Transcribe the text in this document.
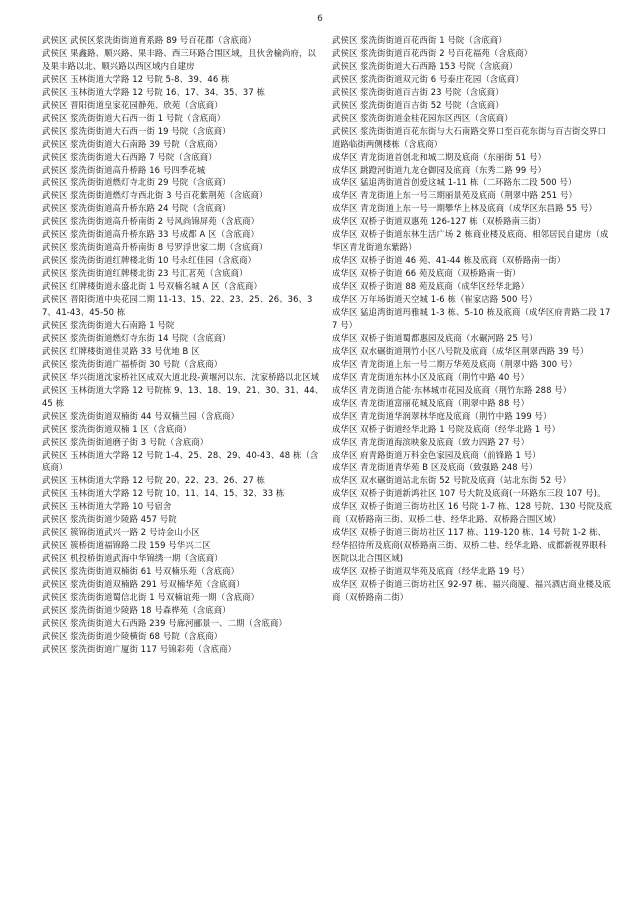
6

武侯区 武侯区浆洗街街道育系路 89 号百花郡（含底商）

武侯区 果鑫路、顺兴路、果丰路、西三环路合围区域，且伙舍榆尚府，以及果丰路以北、顺兴路以西区域内自建房

武侯区 玉林街道大学路 12 号院 5-8、39、46 栋

武侯区 玉林街道大学路 12 号院 16、17、34、35、37 栋

武侯区 晋阳街道皇家花园静苑、欣苑（含底商）

武侯区 浆洗街街道大石西一街 1 号院（含底商）

武侯区 浆洗街街道大石西一街 19 号院（含底商）

武侯区 浆洗街街道大石南路 39 号院（含底商）

武侯区 浆洗街街道大石西路 7 号院（含底商）

武侯区 浆洗街街道高升桥路 16 号四季花城

武侯区 浆洗街街道燃灯寺北街 29 号院（含底商）

武侯区 浆洗街街道燃灯寺西北街 3 号百花紫荆苑（含底商）

武侯区 浆洗街街道高升桥东路 24 号院（含底商）

武侯区 浆洗街街道高升桥南街 2 号风尚锦屏苑（含底商）

武侯区 浆洗街街道高升桥东路 33 号成都 A 区（含底商）

武侯区 浆洗街街道高升桥南街 8 号罗浮世家二期（含底商）

武侯区 浆洗街街道红牌楼北街 10 号永红佳园（含底商）

武侯区 浆洗街街道红牌楼北街 23 号汇茗苑（含底商）

武侯区 红牌楼街道永盛北街 1 号双楠名城 A 区（含底商）

武侯区 晋阳街道中央花园二期 11-13、15、22、23、25、26、36、37、41-43、45-50 栋

武侯区 浆洗街街道大石南路 1 号院

武侯区 浆洗街街道燃灯寺东街 14 号院（含底商）

武侯区 红牌楼街道佳灵路 33 号优地 B 区

武侯区 浆洗街街道广福桥街 30 号院（含底商）

武侯区 华兴街道沈家桥社区成双大道北段-黄堰河以东、沈家桥路以北区域

武侯区 玉林街道大学路 12 号院栋 9、13、18、19、21、30、31、44、45 栋

武侯区 浆洗街街道双楠街 44 号双楠兰园（含底商）

武侯区 浆洗街街道双楠 1 区（含底商）

武侯区 浆洗街街道磨子街 3 号院（含底商）

武侯区 玉林街道大学路 12 号院 1-4、25、28、29、40-43、48 栋（含底商）

武侯区 玉林街道大学路 12 号院 20、22、23、26、27 栋

武侯区 玉林街道大学路 12 号院 10、11、14、15、32、33 栋

武侯区 玉林街道大学路 10 号宿舍

武侯区 浆洗街街道少陵路 457 号院

武侯区 簇锦街道武兴一路 2 号诗金山小区

武侯区 簇桥街道福锦路二段 159 号华兴二区

武侯区 机投桥街道武海中华锦绣一期（含底商）

武侯区 浆洗街街道双楠街 61 号双楠乐苑（含底商）

武侯区 浆洗街街道双楠路 291 号双楠华苑（含底商）

武侯区 浆洗街街道蜀信北街 1 号双楠谊苑一期（含底商）

武侯区 浆洗街街道少陵路 18 号森桦苑（含底商）

武侯区 浆洗街街道大石西路 239 号廊河郦景一、二期（含底商）

武侯区 浆洗街街道少陵横街 68 号院（含底商）

武侯区 浆洗街街道广厦街 117 号锦彩苑（含底商）

武侯区 浆洗街街道百花西街 1 号院（含底商）

武侯区 浆洗街街道百花西街 2 号百花福苑（含底商）

武侯区 浆洗街街道大石西路 153 号院（含底商）

武侯区 浆洗街街道双元街 6 号泰庄花园（含底商）

武侯区 浆洗街街道百吉街 23 号院（含底商）

武侯区 浆洗街街道百吉街 52 号院（含底商）

武侯区 浆洗街街道金桂花园东区西区（含底商）

武侯区 浆洗街街道百花东街与大石南路交界口至百花东街与百吉街交界口道路临街两侧楼栋（含底商）

成华区 青龙街道首创北和城二期及底商（东丽街 51 号）

成华区 跳蹬河街道九龙仓御园及底商（东秀二路 99 号）

成华区 猛追湾街道首创爱这城 1-11 栋（二环路东二段 500 号）

成华区 青龙街道上东一号三期丽景苑及底商（荆翠中路 251 号）

成华区 青龙街道上东一号一期攀华上林及底商（成华区东昌路 55 号）

成华区 双桥子街道双惠苑 126-127 栋（双桥路南三街）

成华区 双桥子街道东林生活广场 2 栋商业楼及底商、相邻居民自建房（成华区青龙街道东紫路）

成华区 双桥子街道 46 苑、41-44 栋及底商（双桥路南一街）

成华区 双桥子街道 66 苑及底商（双桥路南一街）

成华区 双桥子街道 88 苑及底商（成华区经华北路）

成华区 万年场街道天空城 1-6 栋（崔家店路 500 号）

成华区 猛追湾街道玛雅城 1-3 栋、5-10 栋及底商（成华区府青路二段 177 号）

成华区 双桥子街道蜀都惠园及底商（水碾河路 25 号）

成华区 双水碾街道荆竹小区八号院及底商（成华区荆翠西路 39 号）

成华区 青龙街道上东一号二期万华苑及底商（荆翠中路 300 号）

成华区 青龙街道东林小区及底商（荆竹中路 40 号）

成华区 青龙街道合能·东林城市花园及底商（荆竹东路 288 号）

成华区 青龙街道富丽花城及底商（荆翠中路 88 号）

成华区 青龙街道华润翠林华庭及底商（荆竹中路 199 号）

成华区 双桥子街道经华北路 1 号院及底商（经华北路 1 号）

成华区 青龙街道海滨映象及底商（致力四路 27 号）

成华区 府青路街道万科金色家园及底商（前锋路 1 号）

成华区 青龙街道青华苑 B 区及底商（致强路 248 号）

成华区 双水碾街道站北东街 52 号院及底商（站北东街 52 号）

成华区 双桥子街道新鸿社区 107 号大院及底商(一环路东三段 107 号)。

成华区 双桥子街道三街坊社区 16 号院 1-7 栋、128 号院、130 号院及底商（双桥路南三街、双桥二巷、经华北路、双桥路合围区域）

成华区 双桥子街道三街坊社区 117 栋、119-120 栋、14 号院 1-2 栋、经华招待所及底商(双桥路南三街、双桥二巷、经华北路、成都新视界眼科医院以北合围区域)

成华区 双桥子街道双华苑及底商（经华北路 19 号）

成华区 双桥子街道三街坊社区 92-97 栋、福兴商厦、福兴酒店商业楼及底商（双桥路南二街）
